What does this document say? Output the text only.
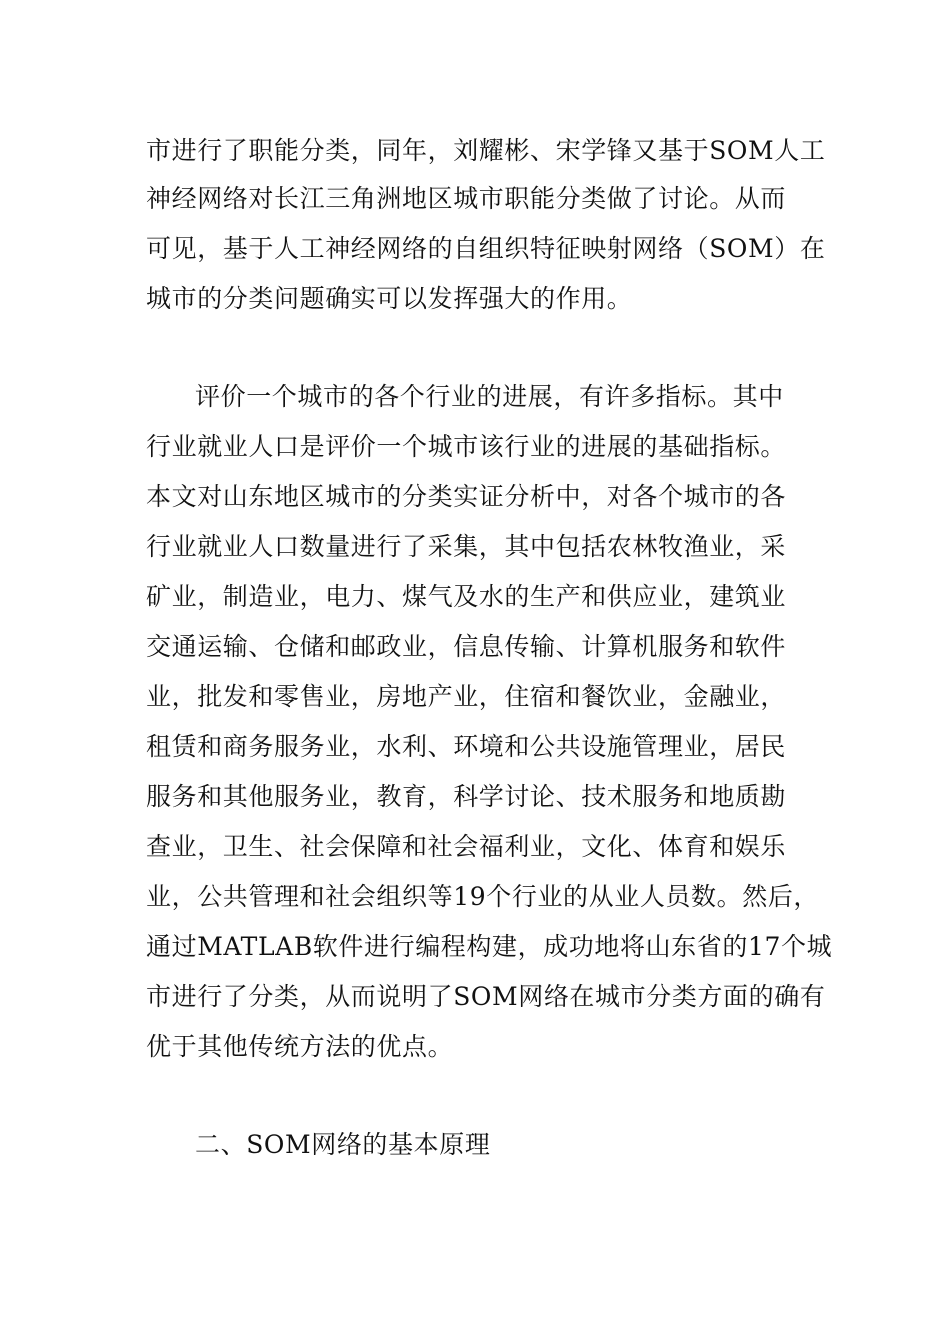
市进行了职能分类，同年，刘耀彬、宋学锋又基于SOM人工
神经网络对长江三角洲地区城市职能分类做了讨论。从而
可见，基于人工神经网络的自组织特征映射网络（SOM）在
城市的分类问题确实可以发挥强大的作用。
评价一个城市的各个行业的进展，有许多指标。其中
行业就业人口是评价一个城市该行业的进展的基础指标。
本文对山东地区城市的分类实证分析中，对各个城市的各
行业就业人口数量进行了采集，其中包括农林牧渔业，采
矿业，制造业，电力、煤气及水的生产和供应业，建筑业
交通运输、仓储和邮政业，信息传输、计算机服务和软件
业，批发和零售业，房地产业，住宿和餐饮业，金融业，
租赁和商务服务业，水利、环境和公共设施管理业，居民
服务和其他服务业，教育，科学讨论、技术服务和地质勘
查业，卫生、社会保障和社会福利业，文化、体育和娱乐
业，公共管理和社会组织等19个行业的从业人员数。然后，
通过MATLAB软件进行编程构建，成功地将山东省的17个城
市进行了分类，从而说明了SOM网络在城市分类方面的确有
优于其他传统方法的优点。
二、SOM网络的基本原理
